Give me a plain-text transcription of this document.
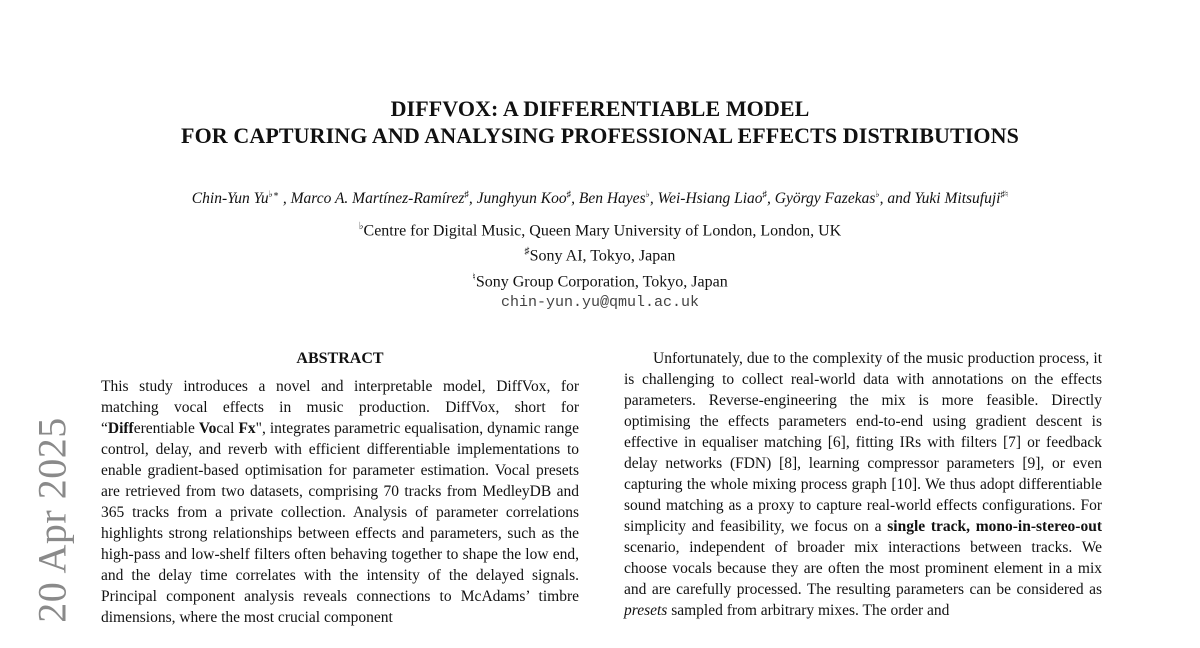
DIFFVOX: A DIFFERENTIABLE MODEL
FOR CAPTURING AND ANALYSING PROFESSIONAL EFFECTS DISTRIBUTIONS

Chin-Yun Yu♭∗ , Marco A. Martínez-Ramírez♯, Junghyun Koo♯, Ben Hayes♭, Wei-Hsiang Liao♯, György Fazekas♭, and Yuki Mitsufuji♯♮

♭Centre for Digital Music, Queen Mary University of London, London, UK
♯Sony AI, Tokyo, Japan
♮Sony Group Corporation, Tokyo, Japan
chin-yun.yu@qmul.ac.uk
20 Apr 2025
ABSTRACT

This study introduces a novel and interpretable model, DiffVox, for matching vocal effects in music production. DiffVox, short for “Differentiable Vocal Fx", integrates parametric equalisation, dynamic range control, delay, and reverb with efficient differentiable implementations to enable gradient-based optimisation for parameter estimation. Vocal presets are retrieved from two datasets, comprising 70 tracks from MedleyDB and 365 tracks from a private collection. Analysis of parameter correlations highlights strong relationships between effects and parameters, such as the high-pass and low-shelf filters often behaving together to shape the low end, and the delay time correlates with the intensity of the delayed signals. Principal component analysis reveals connections to McAdams’ timbre dimensions, where the most crucial component

Unfortunately, due to the complexity of the music production process, it is challenging to collect real-world data with annotations on the effects parameters. Reverse-engineering the mix is more feasible. Directly optimising the effects parameters end-to-end using gradient descent is effective in equaliser matching [6], fitting IRs with filters [7] or feedback delay networks (FDN) [8], learning compressor parameters [9], or even capturing the whole mixing process graph [10]. We thus adopt differentiable sound matching as a proxy to capture real-world effects configurations. For simplicity and feasibility, we focus on a single track, mono-in-stereo-out scenario, independent of broader mix interactions between tracks. We choose vocals because they are often the most prominent element in a mix and are carefully processed. The resulting parameters can be considered as presets sampled from arbitrary mixes. The order and
